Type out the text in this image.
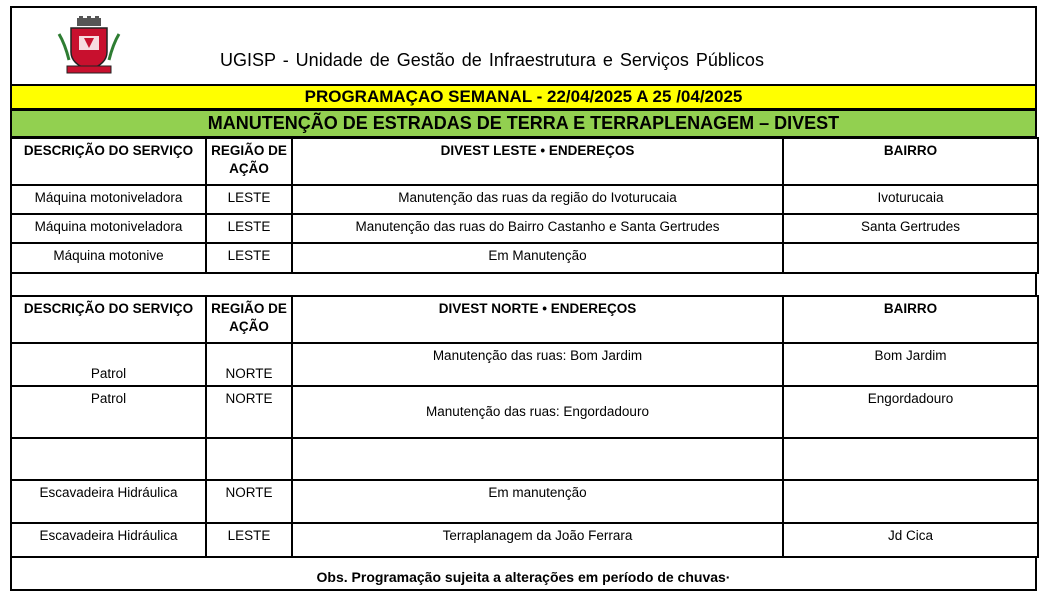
UGISP - Unidade de Gestão de Infraestrutura e Serviços Públicos
PROGRAMAÇAO SEMANAL - 22/04/2025 A 25 /04/2025
MANUTENÇÃO DE ESTRADAS DE TERRA E TERRAPLENAGEM – DIVEST
DESCRIÇÃO DO SERVIÇO	REGIÃO DE AÇÃO	DIVEST LESTE • ENDEREÇOS	BAIRRO

Máquina motoniveladora	LESTE	Manutenção das ruas da região do Ivoturucaia	Ivoturucaia

Máquina motoniveladora	LESTE	Manutenção das ruas do Bairro Castanho e Santa Gertrudes	Santa Gertrudes

Máquina motonive	LESTE	Em Manutenção	

DESCRIÇÃO DO SERVIÇO	REGIÃO DE AÇÃO	DIVEST NORTE • ENDEREÇOS	BAIRRO

Patrol	NORTE	Manutenção das ruas: Bom Jardim	Bom Jardim

Patrol	NORTE	Manutenção das ruas: Engordadouro	Engordadouro

Escavadeira Hidráulica	NORTE	Em manutenção	

Escavadeira Hidráulica	LESTE	Terraplanagem da João Ferrara	Jd Cica
Obs. Programação sujeita a alterações em período de chuvas·
